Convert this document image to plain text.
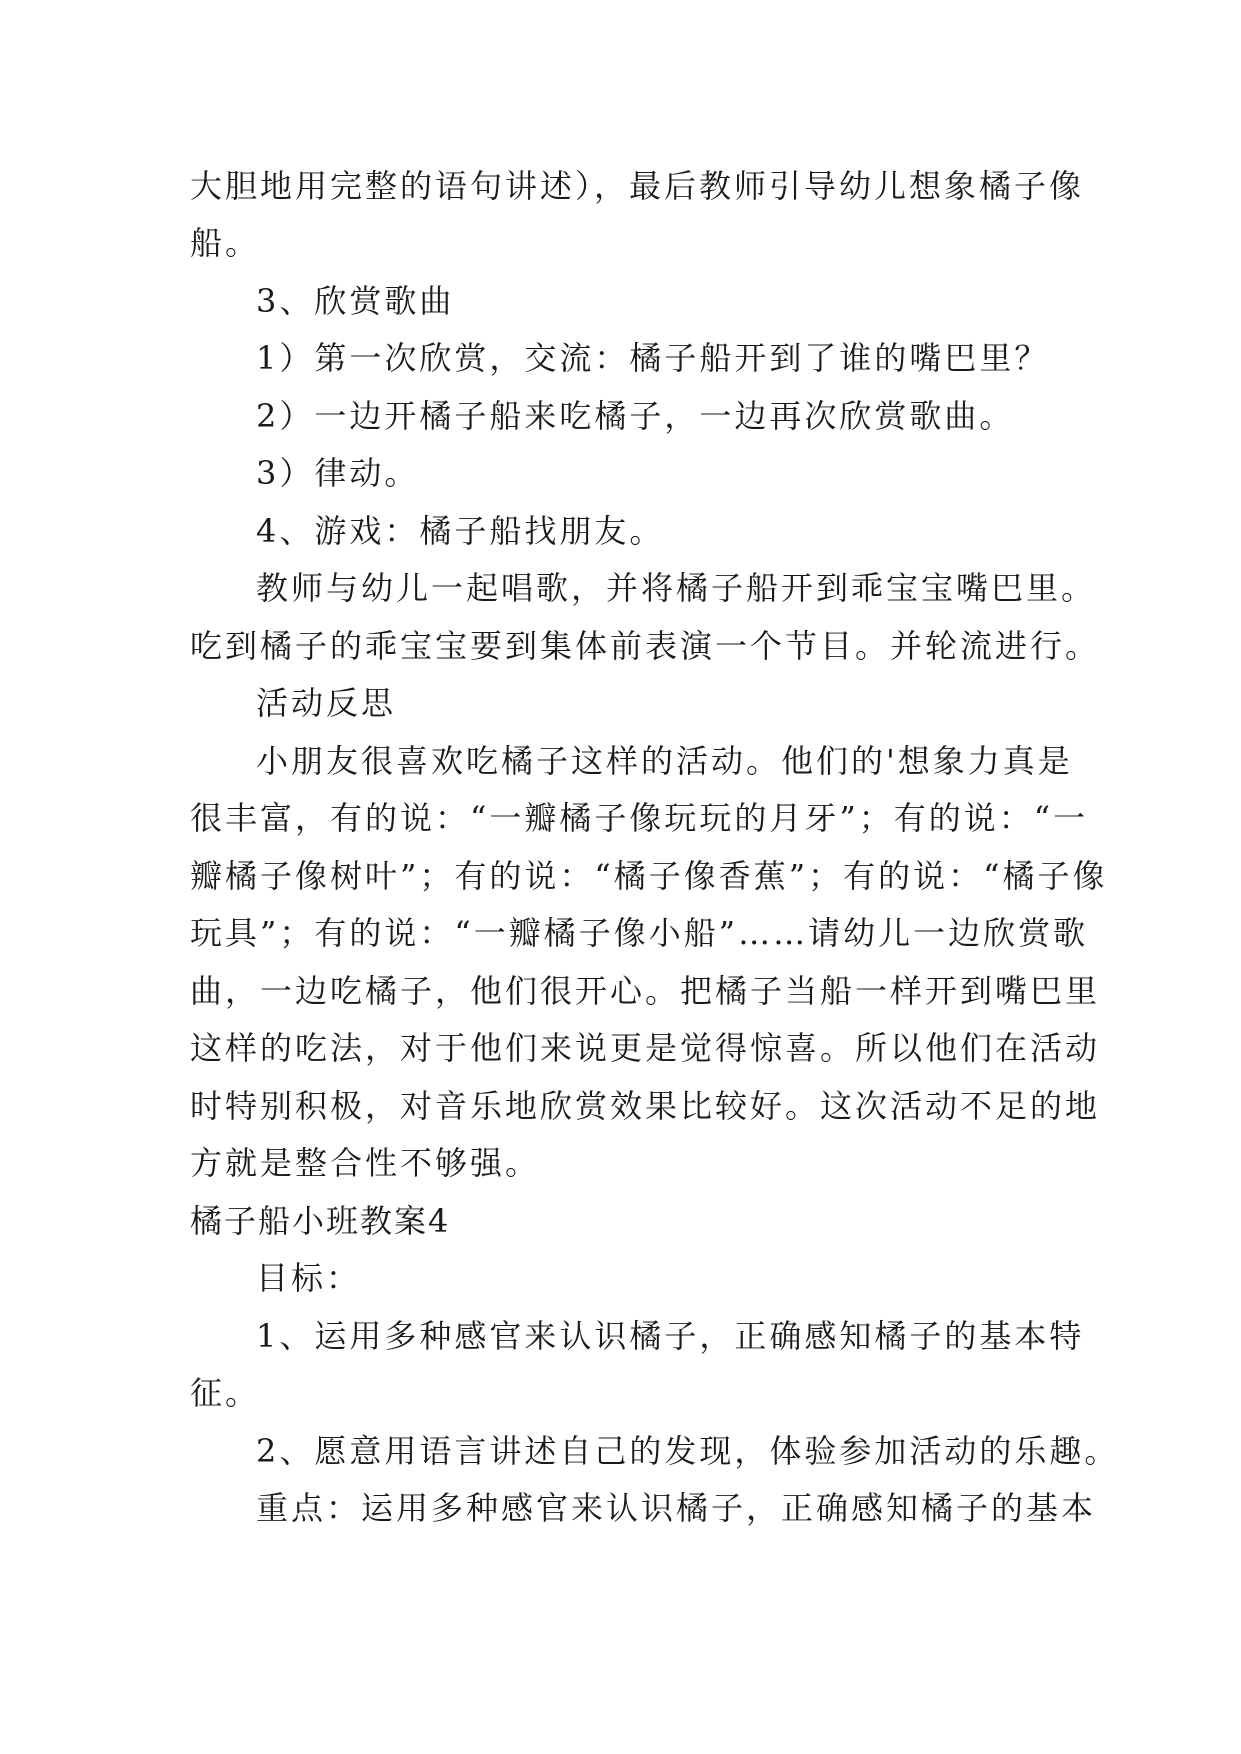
大胆地用完整的语句讲述），最后教师引导幼儿想象橘子像
船。
3、欣赏歌曲
1）第一次欣赏，交流：橘子船开到了谁的嘴巴里？
2）一边开橘子船来吃橘子，一边再次欣赏歌曲。
3）律动。
4、游戏：橘子船找朋友。
教师与幼儿一起唱歌，并将橘子船开到乖宝宝嘴巴里。
吃到橘子的乖宝宝要到集体前表演一个节目。并轮流进行。
活动反思
小朋友很喜欢吃橘子这样的活动。他们的'想象力真是
很丰富，有的说：“一瓣橘子像玩玩的月牙”；有的说：“一
瓣橘子像树叶”；有的说：“橘子像香蕉”；有的说：“橘子像
玩具”；有的说：“一瓣橘子像小船”……请幼儿一边欣赏歌
曲，一边吃橘子，他们很开心。把橘子当船一样开到嘴巴里
这样的吃法，对于他们来说更是觉得惊喜。所以他们在活动
时特别积极，对音乐地欣赏效果比较好。这次活动不足的地
方就是整合性不够强。
橘子船小班教案4
目标：
1、运用多种感官来认识橘子，正确感知橘子的基本特
征。
2、愿意用语言讲述自己的发现，体验参加活动的乐趣。
重点：运用多种感官来认识橘子，正确感知橘子的基本
